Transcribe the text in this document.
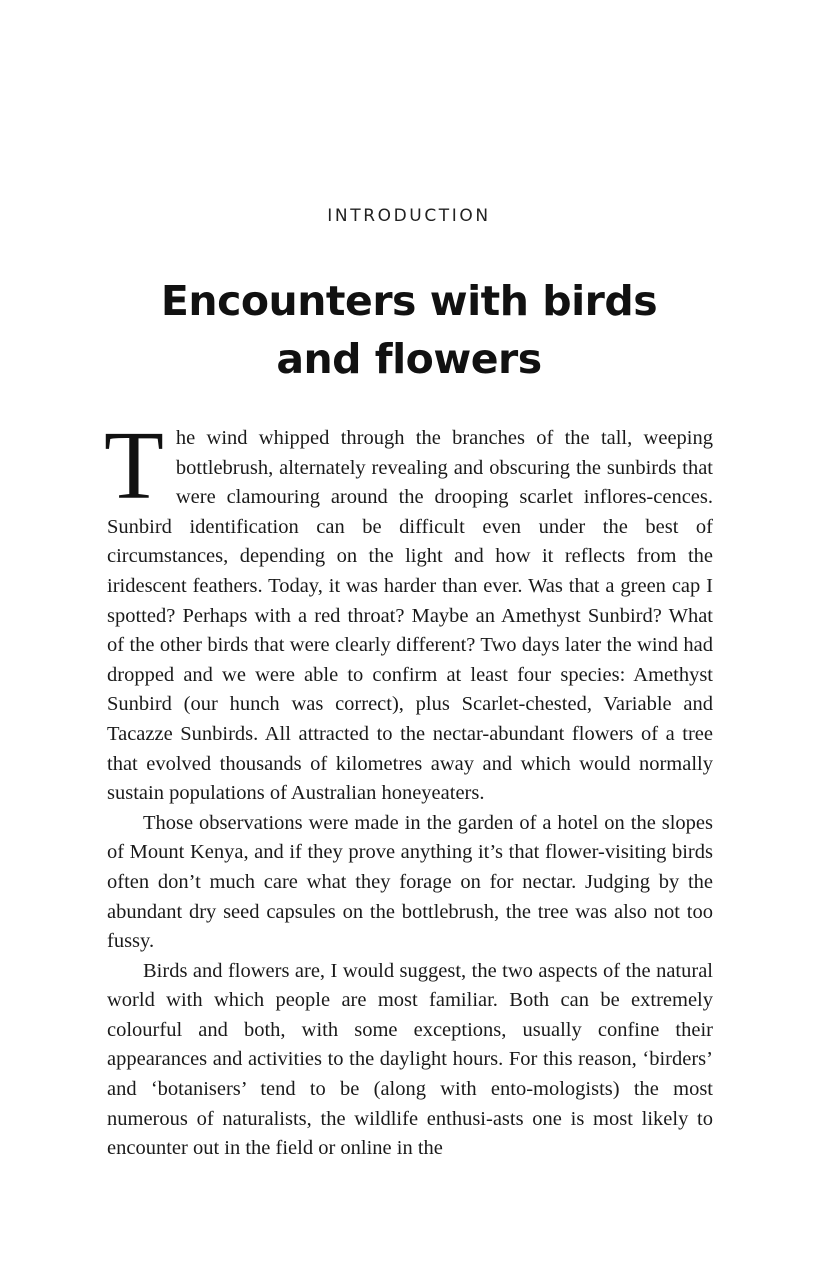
INTRODUCTION
Encounters with birds
and flowers

The wind whipped through the branches of the tall, weeping bottlebrush, alternately revealing and obscuring the sunbirds that were clamouring around the drooping scarlet inflores-cences. Sunbird identification can be difficult even under the best of circumstances, depending on the light and how it reflects from the iridescent feathers. Today, it was harder than ever. Was that a green cap I spotted? Perhaps with a red throat? Maybe an Amethyst Sunbird? What of the other birds that were clearly different? Two days later the wind had dropped and we were able to confirm at least four species: Amethyst Sunbird (our hunch was correct), plus Scarlet-chested, Variable and Tacazze Sunbirds. All attracted to the nectar-abundant flowers of a tree that evolved thousands of kilometres away and which would normally sustain populations of Australian honeyeaters.

Those observations were made in the garden of a hotel on the slopes of Mount Kenya, and if they prove anything it’s that flower-visiting birds often don’t much care what they forage on for nectar. Judging by the abundant dry seed capsules on the bottlebrush, the tree was also not too fussy.

Birds and flowers are, I would suggest, the two aspects of the natural world with which people are most familiar. Both can be extremely colourful and both, with some exceptions, usually confine their appearances and activities to the daylight hours. For this reason, ‘birders’ and ‘botanisers’ tend to be (along with ento-mologists) the most numerous of naturalists, the wildlife enthusi-asts one is most likely to encounter out in the field or online in the
